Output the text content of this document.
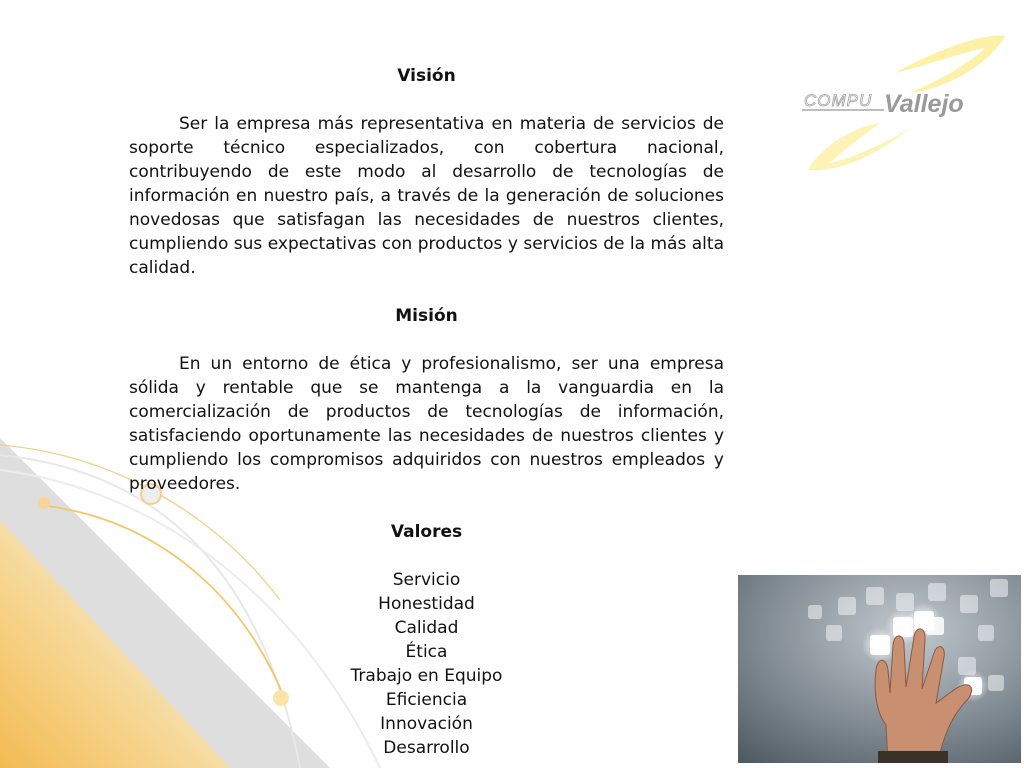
COMPU Vallejo

Visión

Ser la empresa más representativa en materia de servicios de soporte técnico especializados, con cobertura nacional, contribuyendo de este modo al desarrollo de tecnologías de información en nuestro país, a través de la generación de soluciones novedosas que satisfagan las necesidades de nuestros clientes, cumpliendo sus expectativas con productos y servicios de la más alta calidad.

Misión

En un entorno de ética y profesionalismo, ser una empresa sólida y rentable que se mantenga a la vanguardia en la comercialización de productos de tecnologías de información, satisfaciendo oportunamente las necesidades de nuestros clientes y cumpliendo los compromisos adquiridos con nuestros empleados y proveedores.

Valores

Servicio
Honestidad
Calidad
Ética
Trabajo en Equipo
Eficiencia
Innovación
Desarrollo
